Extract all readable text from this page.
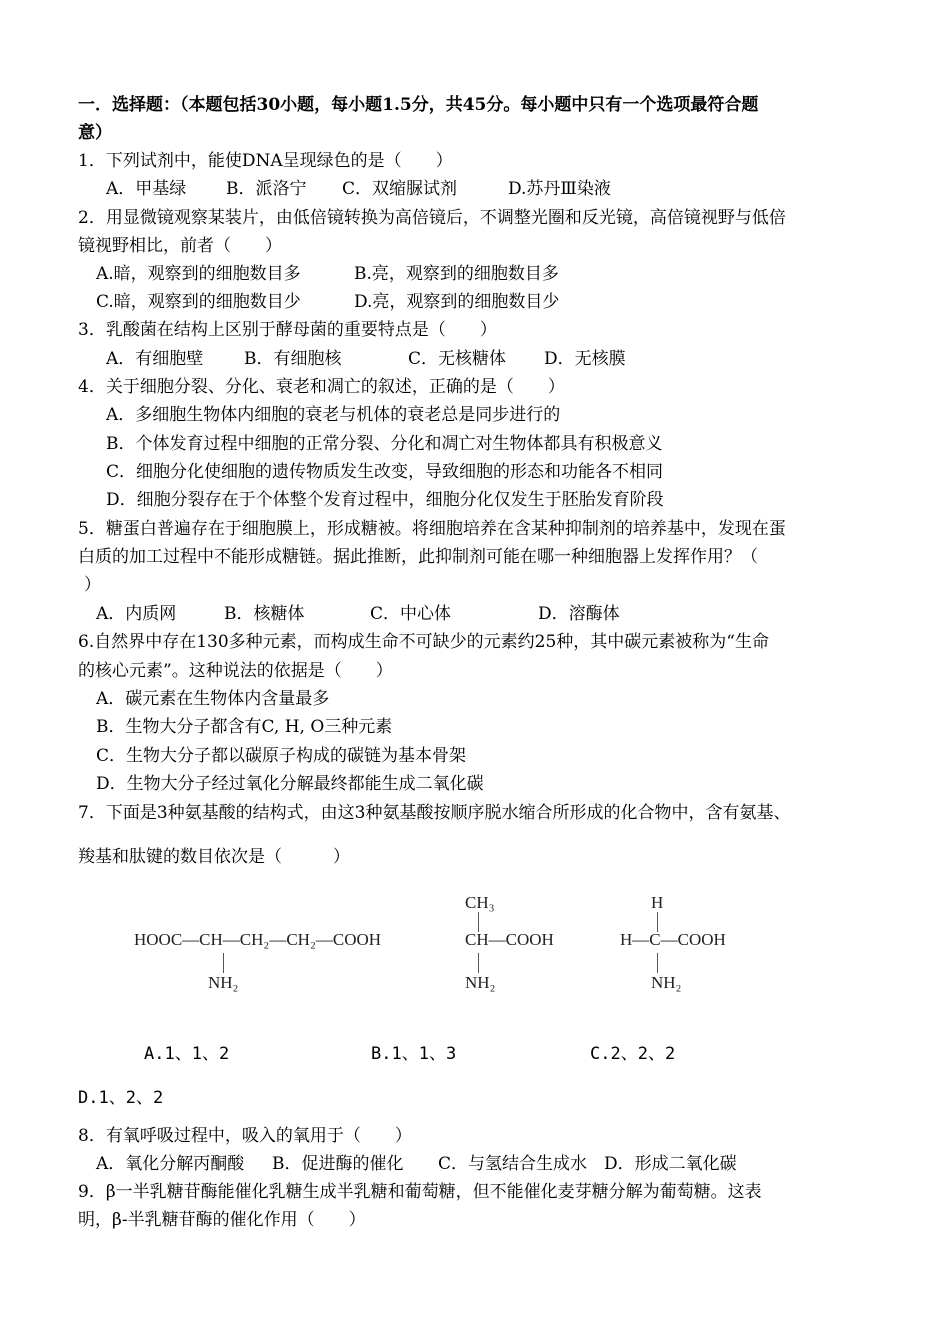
一．选择题：（本题包括30小题，每小题1.5分，共45分。每小题中只有一个选项最符合题
意）
1．下列试剂中，能使DNA呈现绿色的是（　　）
A．甲基绿 B．派洛宁 C．双缩脲试剂	D.苏丹Ⅲ染液
2．用显微镜观察某装片，由低倍镜转换为高倍镜后，不调整光圈和反光镜，高倍镜视野与低倍
镜视野相比，前者（　　）
A.暗，观察到的细胞数目多	B.亮，观察到的细胞数目多
C.暗，观察到的细胞数目少	D.亮，观察到的细胞数目少
3．乳酸菌在结构上区别于酵母菌的重要特点是（　　）
A．有细胞壁 B．有细胞核	C．无核糖体 D．无核膜
4．关于细胞分裂、分化、衰老和凋亡的叙述，正确的是（　　）
A．多细胞生物体内细胞的衰老与机体的衰老总是同步进行的
B．个体发育过程中细胞的正常分裂、分化和凋亡对生物体都具有积极意义
C．细胞分化使细胞的遗传物质发生改变，导致细胞的形态和功能各不相同
D．细胞分裂存在于个体整个发育过程中，细胞分化仅发生于胚胎发育阶段
5．糖蛋白普遍存在于细胞膜上，形成糖被。将细胞培养在含某种抑制剂的培养基中，发现在蛋
白质的加工过程中不能形成糖链。据此推断，此抑制剂可能在哪一种细胞器上发挥作用？（
）
A．内质网	B．核糖体	C．中心体	D．溶酶体
6.自然界中存在130多种元素，而构成生命不可缺少的元素约25种，其中碳元素被称为“生命
的核心元素”。这种说法的依据是（　　）
A．碳元素在生物体内含量最多
B．生物大分子都含有C, H, O三种元素
C．生物大分子都以碳原子构成的碳链为基本骨架
D．生物大分子经过氧化分解最终都能生成二氧化碳
7．下面是3种氨基酸的结构式，由这3种氨基酸按顺序脱水缩合所形成的化合物中，含有氨基、
羧基和肽键的数目依次是（　　　）
HOOC—CH—CH₂—CH₂—COOH
NH₂
CH₃
CH—COOH
NH₂
H
H—C—COOH
NH₂
A.1、1、2	B.1、1、3	C.2、2、2
D.1、2、2
8．有氧呼吸过程中，吸入的氧用于（　　）
A．氧化分解丙酮酸 B．促进酶的催化 C．与氢结合生成水 D．形成二氧化碳
9．β一半乳糖苷酶能催化乳糖生成半乳糖和葡萄糖，但不能催化麦芽糖分解为葡萄糖。这表
明，β-半乳糖苷酶的催化作用（　　）
